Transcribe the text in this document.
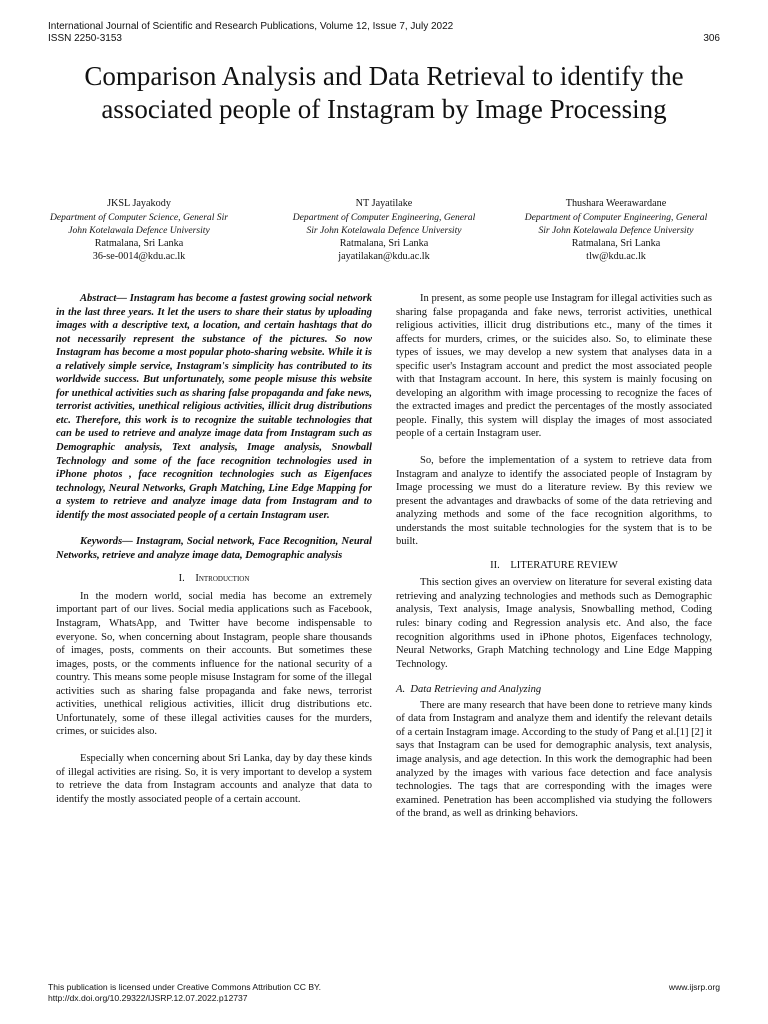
International Journal of Scientific and Research Publications, Volume 12, Issue 7, July 2022
ISSN 2250-3153	306
Comparison Analysis and Data Retrieval to identify the associated people of Instagram by Image Processing
JKSL Jayakody
Department of Computer Science, General Sir John Kotelawala Defence University
Ratmalana, Sri Lanka
36-se-0014@kdu.ac.lk
NT Jayatilake
Department of Computer Engineering, General Sir John Kotelawala Defence University
Ratmalana, Sri Lanka
jayatilakan@kdu.ac.lk
Thushara Weerawardane
Department of Computer Engineering, General Sir John Kotelawala Defence University
Ratmalana, Sri Lanka
tlw@kdu.ac.lk

Abstract— Instagram has become a fastest growing social network in the last three years. It let the users to share their status by uploading images with a descriptive text, a location, and certain hashtags that do not necessarily represent the substance of the pictures. So now Instagram has become a most popular photo-sharing website. While it is a relatively simple service, Instagram's simplicity has contributed to its worldwide success. But unfortunately, some people misuse this website for unethical activities such as sharing false propaganda and fake news, terrorist activities, unethical religious activities, illicit drug distributions etc. Therefore, this work is to recognize the suitable technologies that can be used to retrieve and analyze image data from Instagram such as Demographic analysis, Text analysis, Image analysis, Snowball Technology and some of the face recognition technologies used in iPhone photos , face recognition technologies such as Eigenfaces technology, Neural Networks, Graph Matching, Line Edge Mapping for a system to retrieve and analyze image data from Instagram and to identify the most associated people of a certain Instagram user.

Keywords— Instagram, Social network, Face Recognition, Neural Networks, retrieve and analyze image data, Demographic analysis

I. Introduction

In the modern world, social media has become an extremely important part of our lives. Social media applications such as Facebook, Instagram, WhatsApp, and Twitter have become indispensable to everyone. So, when concerning about Instagram, people share thousands of images, posts, comments on their accounts. But sometimes these images, posts, or the comments influence for the national security of a country. This means some people misuse Instagram for some of the illegal activities such as sharing false propaganda and fake news, terrorist activities, unethical religious activities, illicit drug distributions etc. Unfortunately, some of these illegal activities causes for the murders, crimes, or suicides also.

Especially when concerning about Sri Lanka, day by day these kinds of illegal activities are rising. So, it is very important to develop a system to retrieve the data from Instagram accounts and analyze that data to identify the mostly associated people of a certain account.

In present, as some people use Instagram for illegal activities such as sharing false propaganda and fake news, terrorist activities, unethical religious activities, illicit drug distributions etc., many of the times it affects for murders, crimes, or the suicides also. So, to eliminate these types of issues, we may develop a new system that analyses data in a specific user's Instagram account and predict the most associated people with that Instagram account. In here, this system is mainly focusing on developing an algorithm with image processing to recognize the faces of the extracted images and predict the percentages of the mostly associated people. Finally, this system will display the images of most associated people of a certain Instagram user.

So, before the implementation of a system to retrieve data from Instagram and analyze to identify the associated people of Instagram by Image processing we must do a literature review. By this review we present the advantages and drawbacks of some of the data retrieving and analyzing methods and some of the face recognition algorithms, to understands the most suitable technologies for the system that is to be built.

II. LITERATURE REVIEW

This section gives an overview on literature for several existing data retrieving and analyzing technologies and methods such as Demographic analysis, Text analysis, Image analysis, Snowballing method, Coding rules: binary coding and Regression analysis etc. And also, the face recognition algorithms used in iPhone photos, Eigenfaces technology, Neural Networks, Graph Matching technology and Line Edge Mapping Technology.

A. Data Retrieving and Analyzing

There are many research that have been done to retrieve many kinds of data from Instagram and analyze them and identify the relevant details of a certain Instagram image. According to the study of Pang et al.[1] [2] it says that Instagram can be used for demographic analysis, text analysis, image analysis, and age detection. In this work the demographic had been analyzed by the images with various face detection and face analysis technologies. The tags that are corresponding with the images were examined. Penetration has been accomplished via studying the followers of the brand, as well as drinking behaviors.

This publication is licensed under Creative Commons Attribution CC BY.
http://dx.doi.org/10.29322/IJSRP.12.07.2022.p12737
www.ijsrp.org
